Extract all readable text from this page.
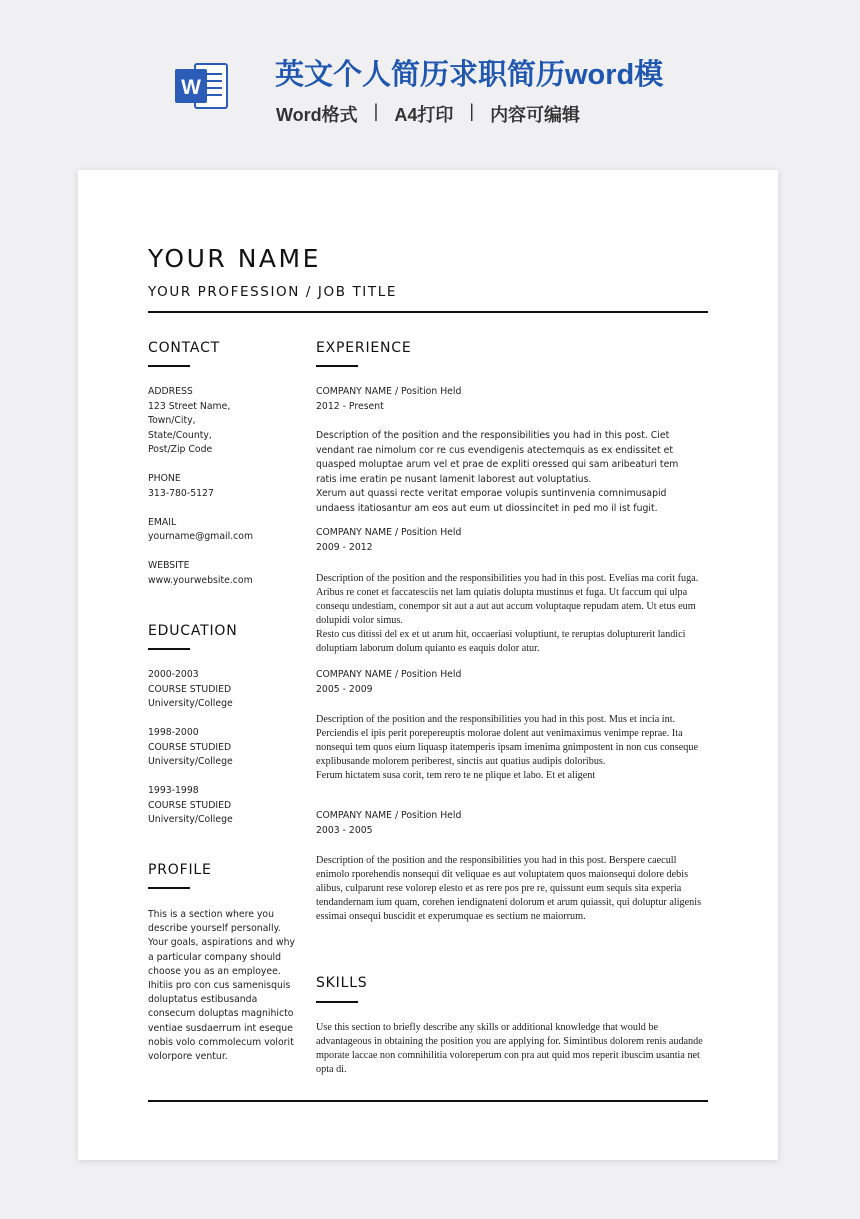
W	英文个人简历求职简历word模
Word格式 | A4打印 | 内容可编辑
YOUR NAME
YOUR PROFESSION / JOB TITLE
CONTACT
ADDRESS
123 Street Name,
Town/City,
State/County,
Post/Zip Code
PHONE
313-780-5127
EMAIL
yourname@gmail.com
WEBSITE
www.yourwebsite.com
EDUCATION
2000-2003
COURSE STUDIED
University/College
1998-2000
COURSE STUDIED
University/College
1993-1998
COURSE STUDIED
University/College
PROFILE
This is a section where you
describe yourself personally.
Your goals, aspirations and why
a particular company should
choose you as an employee.
Ihitiis pro con cus samenisquis
doluptatus estibusanda
consecum doluptas magnihicto
ventiae susdaerrum int eseque
nobis volo commolecum volorit
volorpore ventur.
EXPERIENCE
COMPANY NAME / Position Held
2012 - Present
Description of the position and the responsibilities you had in this post. Ciet vendant rae nimolum cor re cus evendigenis atectemquis as ex endissitet et quasped moluptae arum vel et prae de expliti oressed qui sam aribeaturi tem ratis ime eratin pe nusant lamenit laborest aut voluptatius.
Xerum aut quassi recte veritat emporae volupis suntinvenia comnimusapid undaess itatiosantur am eos aut eum ut diossincitet in ped mo il ist fugit.
COMPANY NAME / Position Held
2009 - 2012
Description of the position and the responsibilities you had in this post. Evelias ma corit fuga. Aribus re conet et faccatesciis net lam quiatis dolupta mustinus et fuga. Ut faccum qui ulpa consequ undestiam, conempor sit aut a aut aut accum voluptaque repudam atem. Ut etus eum dolupidi volor simus.
Resto cus ditissi del ex et ut arum hit, occaeriasi voluptiunt, te reruptas dolupturerit landici doluptiam laborum dolum quianto es eaquis dolor atur.
COMPANY NAME / Position Held
2005 - 2009
Description of the position and the responsibilities you had in this post. Mus et incia int. Perciendis el ipis perit porepereuptis molorae dolent aut venimaximus venimpe reprae. Ita nonsequi tem quos eium liquasp itatemperis ipsam imenima gnimpostent in non cus conseque explibusande molorem periberest, sinctis aut quatius audipis doloribus.
Ferum hictatem susa corit, tem rero te ne plique et labo. Et et aligent
COMPANY NAME / Position Held
2003 - 2005
Description of the position and the responsibilities you had in this post. Berspere caecull enimolo rporehendis nonsequi dit veliquae es aut voluptatem quos maionsequi dolore debis alibus, culparunt rese volorep elesto et as rere pos pre re, quissunt eum sequis sita experia tendandernam ium quam, corehen iendignateni dolorum et arum quiassit, qui doluptur aligenis essimai onsequi buscidit et experumquae es sectium ne maiorrum.
SKILLS
Use this section to briefly describe any skills or additional knowledge that would be advantageous in obtaining the position you are applying for. Simintibus dolorem renis audande mporate laccae non comnihilitia voloreperum con pra aut quid mos reperit ibuscim usantia net opta di.
